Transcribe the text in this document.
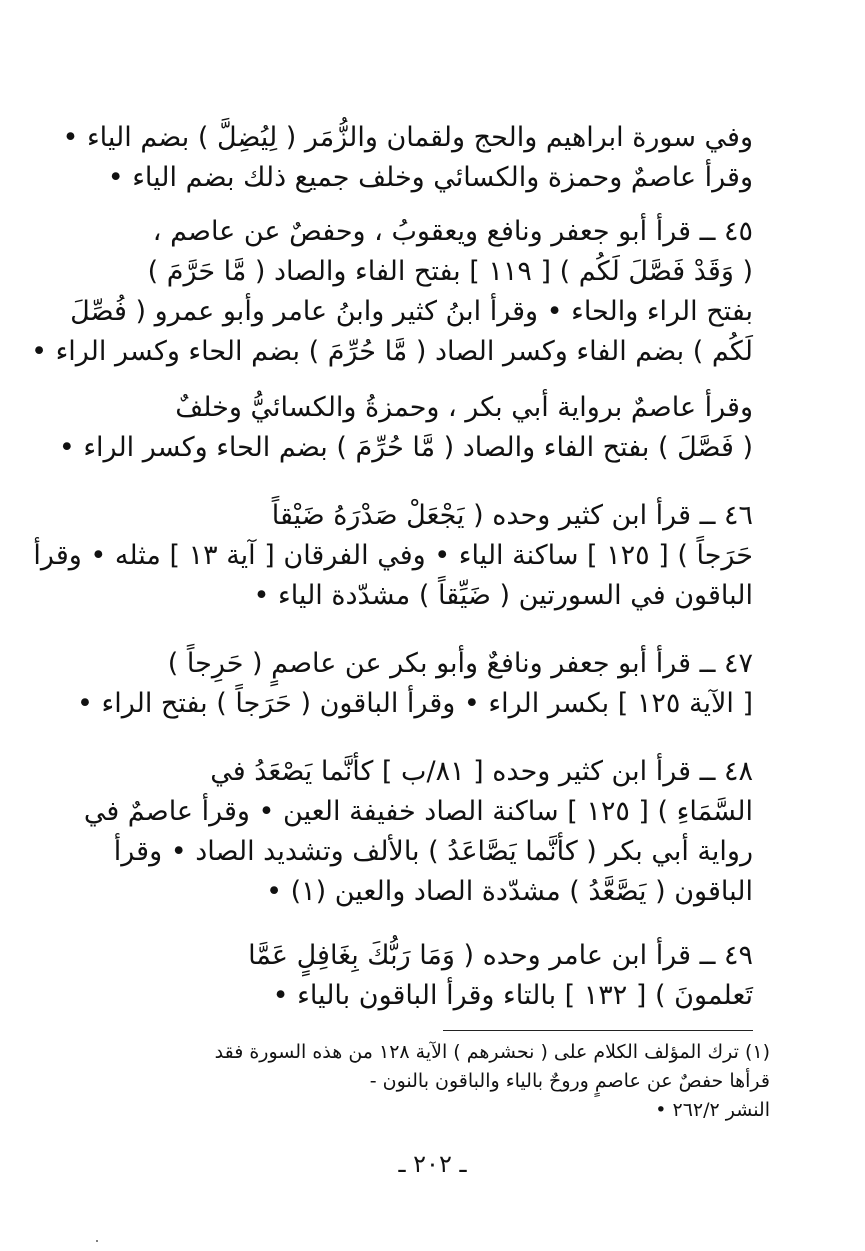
وفي سورة ابراهيم والحج ولقمان والزُّمَر ( لِيُضِلَّ ) بضم الياء •
وقرأ عاصمٌ وحمزة والكسائي وخلف جميع ذلك بضم الياء •
٤٥ ــ قرأ أبو جعفر ونافع ويعقوبُ ، وحفصٌ عن عاصم ،
( وَقَدْ فَصَّلَ لَكُم ) [ ١١٩ ] بفتح الفاء والصاد ( مَّا حَرَّمَ )
بفتح الراء والحاء • وقرأ ابنُ كثير وابنُ عامر وأبو عمرو ( فُصِّلَ
لَكُم ) بضم الفاء وكسر الصاد ( مَّا حُرِّمَ ) بضم الحاء وكسر الراء •
وقرأ عاصمٌ برواية أبي بكر ، وحمزةُ والكسائيُّ وخلفٌ
( فَصَّلَ ) بفتح الفاء والصاد ( مَّا حُرِّمَ ) بضم الحاء وكسر الراء •
٤٦ ــ قرأ ابن كثير وحده ( يَجْعَلْ صَدْرَهُ ضَيْقاً
حَرَجاً ) [ ١٢٥ ] ساكنة الياء • وفي الفرقان [ آية ١٣ ] مثله • وقرأ
الباقون في السورتين ( ضَيِّقاً ) مشدّدة الياء •
٤٧ ــ قرأ أبو جعفر ونافعٌ وأبو بكر عن عاصمٍ ( حَرِجاً )
[ الآية ١٢٥ ] بكسر الراء • وقرأ الباقون ( حَرَجاً ) بفتح الراء •
٤٨ ــ قرأ ابن كثير وحده [ ٨١/ب ] كأنَّما يَصْعَدُ في
السَّمَاءِ ) [ ١٢٥ ] ساكنة الصاد خفيفة العين • وقرأ عاصمٌ في
رواية أبي بكر ( كأنَّما يَصَّاعَدُ ) بالألف وتشديد الصاد • وقرأ
الباقون ( يَصَّعَّدُ ) مشدّدة الصاد والعين (١) •
٤٩ ــ قرأ ابن عامر وحده ( وَمَا رَبُّكَ بِغَافِلٍ عَمَّا
تَعلمونَ ) [ ١٣٢ ] بالتاء وقرأ الباقون بالياء •
(١) ترك المؤلف الكلام على ( نحشرهم ) الآية ١٢٨ من هذه السورة فقد
قرأها حفصٌ عن عاصمٍ وروحٌ بالياء والباقون بالنون -
النشر ٢٦٢/٢ •
ـ ٢٠٢ ـ
